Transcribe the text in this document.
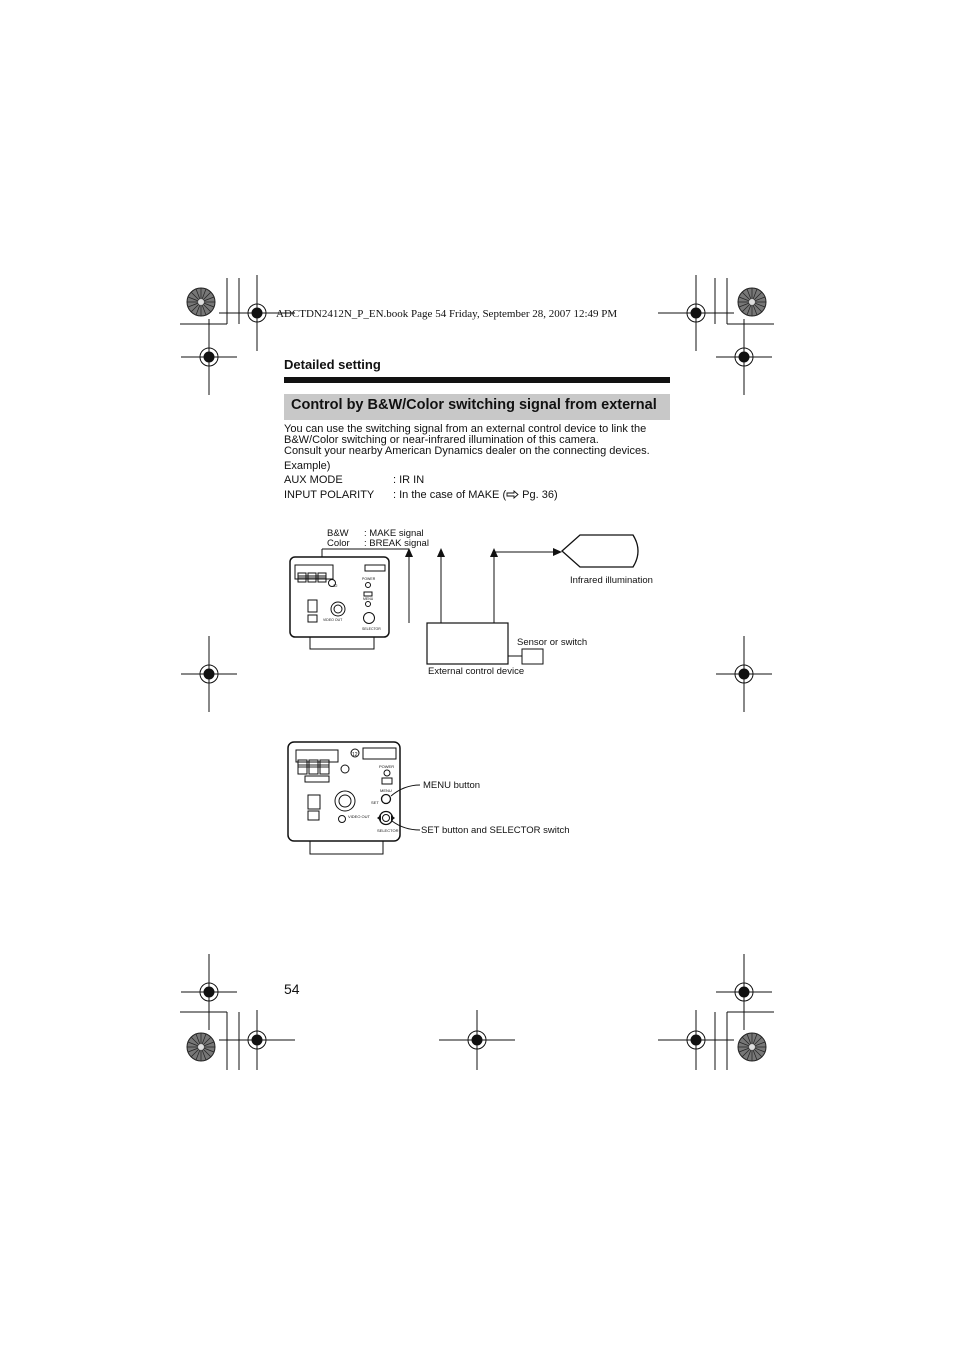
ADCTDN2412N_P_EN.book Page 54 Friday, September 28, 2007 12:49 PM
Detailed setting
Control by B&W/Color switching signal from external
You can use the switching signal from an external control device to link the
B&W/Color switching or near-infrared illumination of this camera.
Consult your nearby American Dynamics dealer on the connecting devices.
Example)
AUX MODE	: IR IN
INPUT POLARITY : In the case of MAKE ( Pg. 36)
12
POWER
MENU
SELECTOR
VIDEO OUT
B&W : MAKE signal
Color : BREAK signal
Infrared illumination
Sensor or switch
External control device
12
POWER
MENU
SET
SELECTOR
VIDEO OUT
MENU button
SET button and SELECTOR switch
54
